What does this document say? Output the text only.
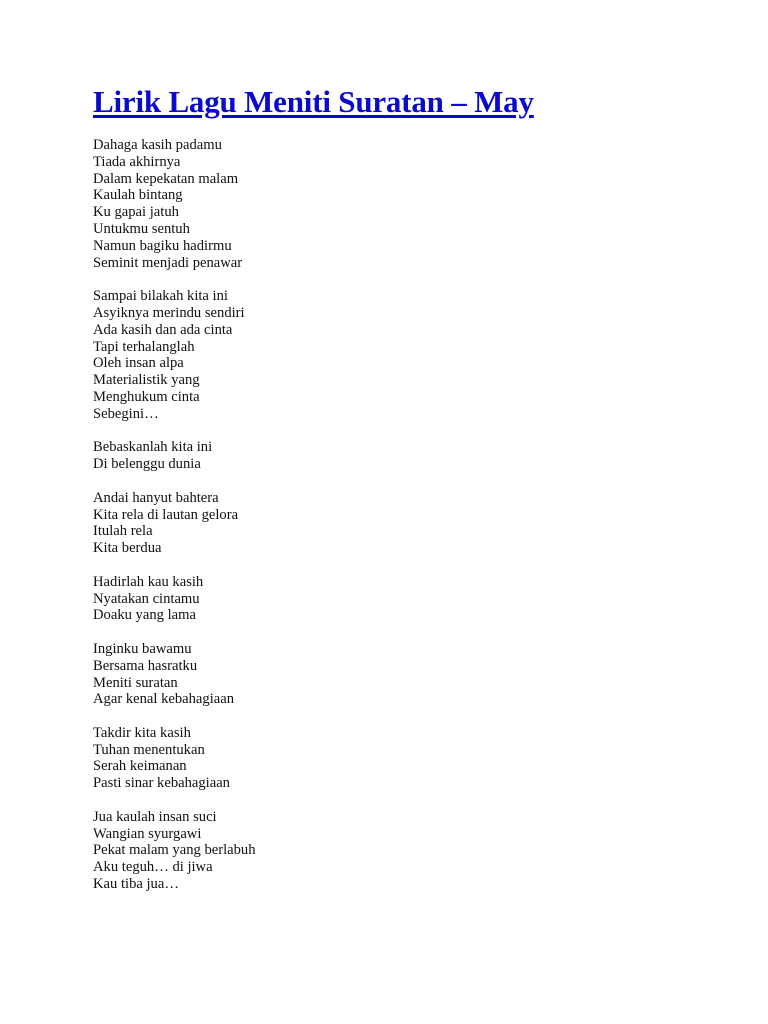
Lirik Lagu Meniti Suratan – May
Dahaga kasih padamu
Tiada akhirnya
Dalam kepekatan malam
Kaulah bintang
Ku gapai jatuh
Untukmu sentuh
Namun bagiku hadirmu
Seminit menjadi penawar
Sampai bilakah kita ini
Asyiknya merindu sendiri
Ada kasih dan ada cinta
Tapi terhalanglah
Oleh insan alpa
Materialistik yang
Menghukum cinta
Sebegini…
Bebaskanlah kita ini
Di belenggu dunia
Andai hanyut bahtera
Kita rela di lautan gelora
Itulah rela
Kita berdua
Hadirlah kau kasih
Nyatakan cintamu
Doaku yang lama
Inginku bawamu
Bersama hasratku
Meniti suratan
Agar kenal kebahagiaan
Takdir kita kasih
Tuhan menentukan
Serah keimanan
Pasti sinar kebahagiaan
Jua kaulah insan suci
Wangian syurgawi
Pekat malam yang berlabuh
Aku teguh… di jiwa
Kau tiba jua…
